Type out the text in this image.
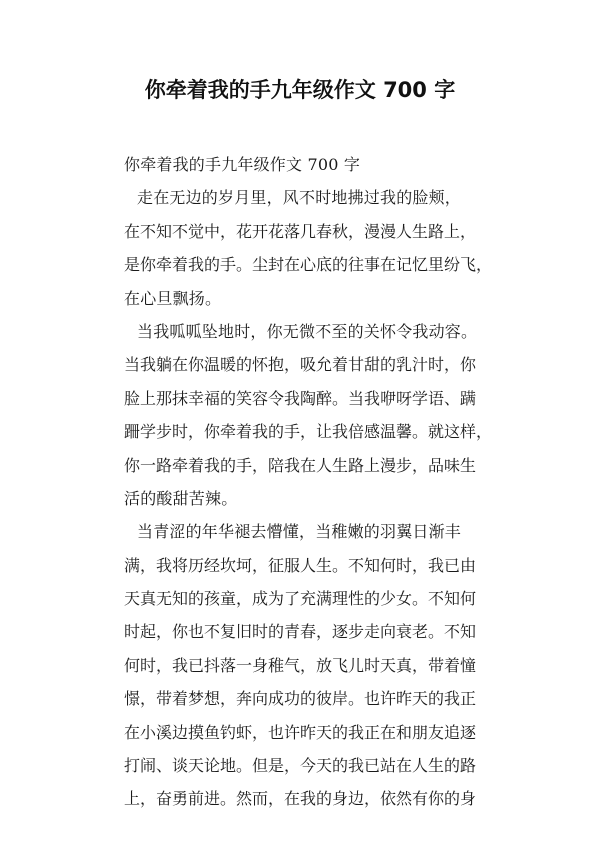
你牵着我的手九年级作文 700 字
你牵着我的手九年级作文 700 字
走在无边的岁月里，风不时地拂过我的脸颊，
在不知不觉中，花开花落几春秋，漫漫人生路上，
是你牵着我的手。尘封在心底的往事在记忆里纷飞，
在心旦飘扬。
当我呱呱坠地时，你无微不至的关怀令我动容。
当我躺在你温暖的怀抱，吸允着甘甜的乳汁时，你
脸上那抹幸福的笑容令我陶醉。当我咿呀学语、蹒
跚学步时，你牵着我的手，让我倍感温馨。就这样，
你一路牵着我的手，陪我在人生路上漫步，品味生
活的酸甜苦辣。
当青涩的年华褪去懵懂，当稚嫩的羽翼日渐丰
满，我将历经坎坷，征服人生。不知何时，我已由
天真无知的孩童，成为了充满理性的少女。不知何
时起，你也不复旧时的青春，逐步走向衰老。不知
何时，我已抖落一身稚气，放飞儿时天真，带着憧
憬，带着梦想，奔向成功的彼岸。也许昨天的我正
在小溪边摸鱼钓虾，也许昨天的我正在和朋友追逐
打闹、谈天论地。但是，今天的我已站在人生的路
上，奋勇前进。然而，在我的身边，依然有你的身
